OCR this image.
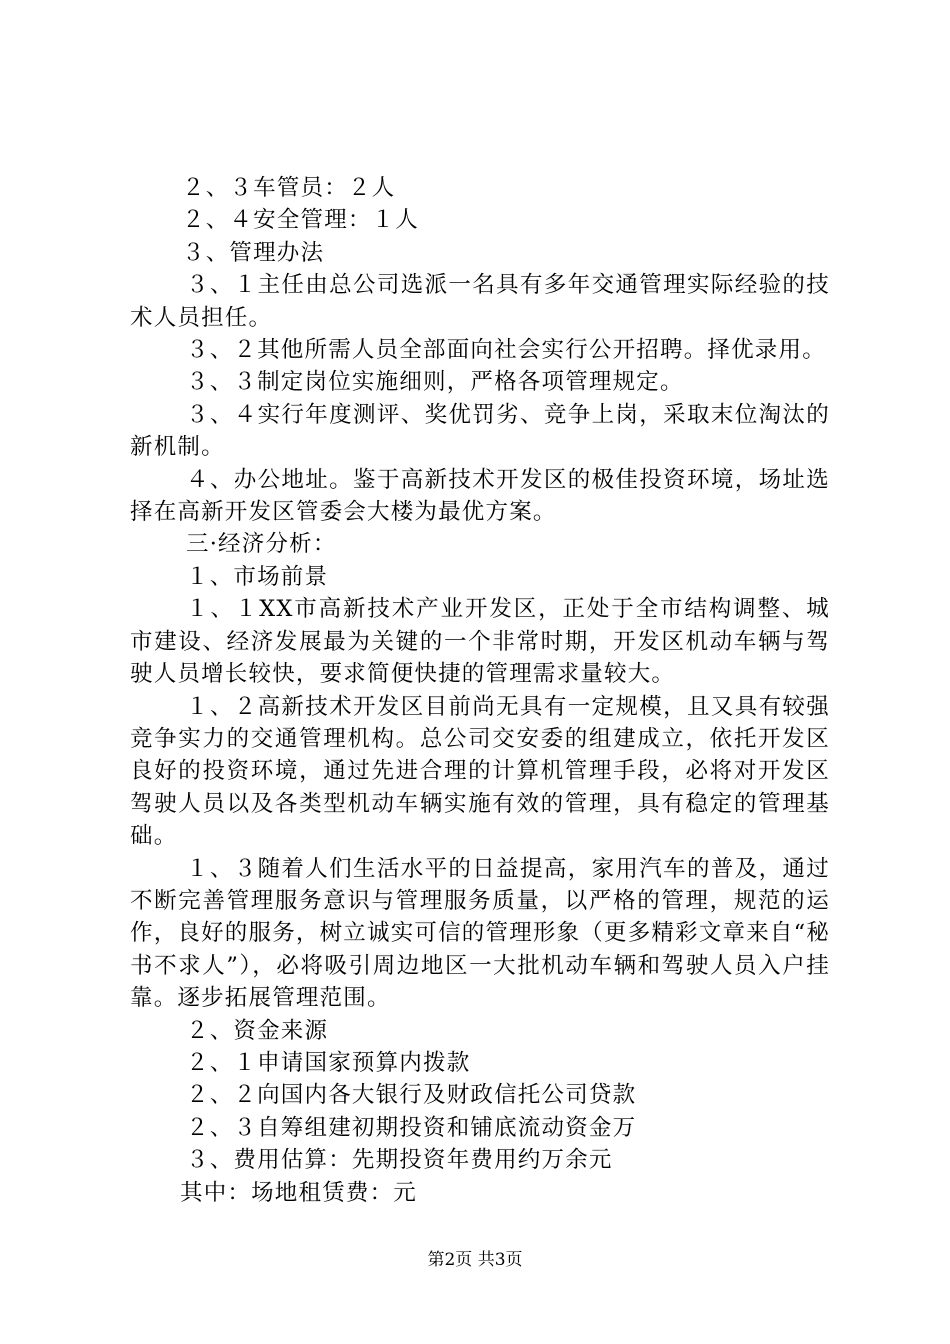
２、３车管员：２人

２、４安全管理：１人

３、管理办法

３、１主任由总公司选派一名具有多年交通管理实际经验的技术人员担任。

３、２其他所需人员全部面向社会实行公开招聘。择优录用。

３、３制定岗位实施细则，严格各项管理规定。

３、４实行年度测评、奖优罚劣、竞争上岗，采取末位淘汰的新机制。

４、办公地址。鉴于高新技术开发区的极佳投资环境，场址选择在高新开发区管委会大楼为最优方案。

三·经济分析：

１、市场前景

１、１XX市高新技术产业开发区，正处于全市结构调整、城市建设、经济发展最为关键的一个非常时期，开发区机动车辆与驾驶人员增长较快，要求简便快捷的管理需求量较大。

１、２高新技术开发区目前尚无具有一定规模，且又具有较强竞争实力的交通管理机构。总公司交安委的组建成立，依托开发区良好的投资环境，通过先进合理的计算机管理手段，必将对开发区驾驶人员以及各类型机动车辆实施有效的管理，具有稳定的管理基础。

１、３随着人们生活水平的日益提高，家用汽车的普及，通过不断完善管理服务意识与管理服务质量，以严格的管理，规范的运作，良好的服务，树立诚实可信的管理形象（更多精彩文章来自“秘书不求人”），必将吸引周边地区一大批机动车辆和驾驶人员入户挂靠。逐步拓展管理范围。

２、资金来源

２、１申请国家预算内拨款

２、２向国内各大银行及财政信托公司贷款

２、３自筹组建初期投资和铺底流动资金万

３、费用估算：先期投资年费用约万余元

其中：场地租赁费：元

第2页 共3页
